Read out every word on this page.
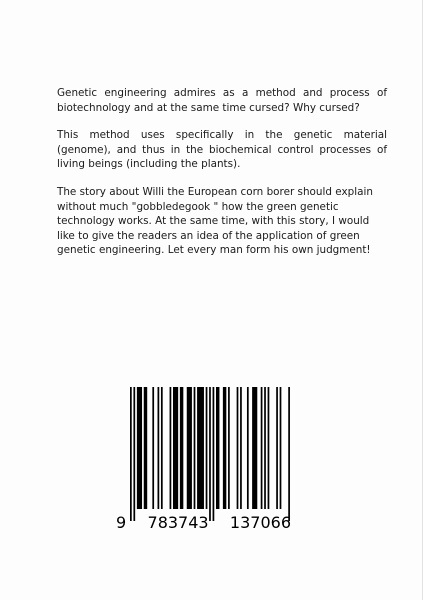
Genetic engineering admires as a method and process of biotechnology and at the same time cursed? Why cursed?

This method uses specifically in the genetic material (genome), and thus in the biochemical control processes of living beings (including the plants).

The story about Willi the European corn borer should explain without much "gobbledegook " how the green genetic technology works. At the same time, with this story, I would like to give the readers an idea of the application of green genetic engineering. Let every man form his own judgment!

9 783743 137066
